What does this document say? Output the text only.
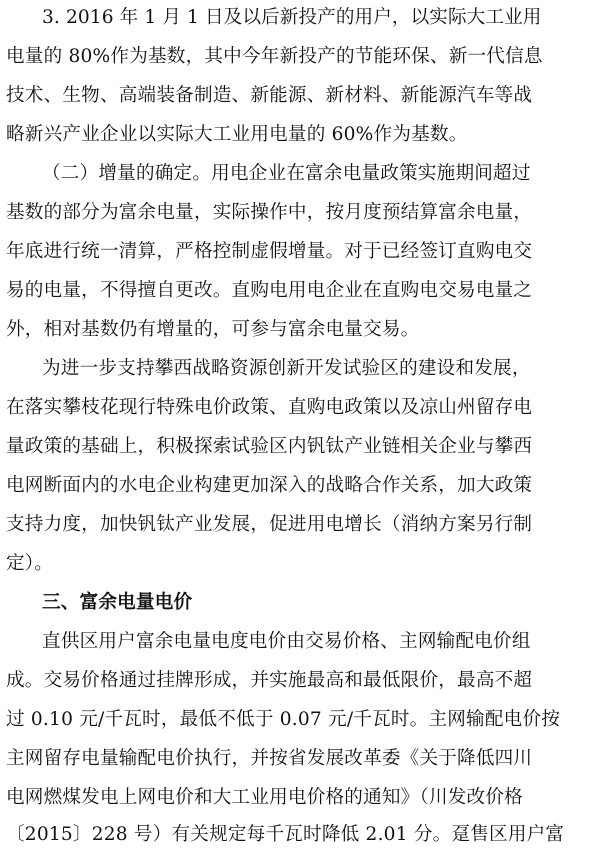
3. 2016 年 1 月 1 日及以后新投产的用户，以实际大工业用
电量的 80%作为基数，其中今年新投产的节能环保、新一代信息
技术、生物、高端装备制造、新能源、新材料、新能源汽车等战
略新兴产业企业以实际大工业用电量的 60%作为基数。
（二）增量的确定。用电企业在富余电量政策实施期间超过
基数的部分为富余电量，实际操作中，按月度预结算富余电量，
年底进行统一清算，严格控制虚假增量。对于已经签订直购电交
易的电量，不得擅自更改。直购电用电企业在直购电交易电量之
外，相对基数仍有增量的，可参与富余电量交易。
为进一步支持攀西战略资源创新开发试验区的建设和发展，
在落实攀枝花现行特殊电价政策、直购电政策以及凉山州留存电
量政策的基础上，积极探索试验区内钒钛产业链相关企业与攀西
电网断面内的水电企业构建更加深入的战略合作关系，加大政策
支持力度，加快钒钛产业发展，促进用电增长（消纳方案另行制
定）。
三、富余电量电价
直供区用户富余电量电度电价由交易价格、主网输配电价组
成。交易价格通过挂牌形成，并实施最高和最低限价，最高不超
过 0.10 元/千瓦时，最低不低于 0.07 元/千瓦时。主网输配电价按
主网留存电量输配电价执行，并按省发展改革委《关于降低四川
电网燃煤发电上网电价和大工业用电价格的通知》（川发改价格
〔2015〕228 号）有关规定每千瓦时降低 2.01 分。趸售区用户富
